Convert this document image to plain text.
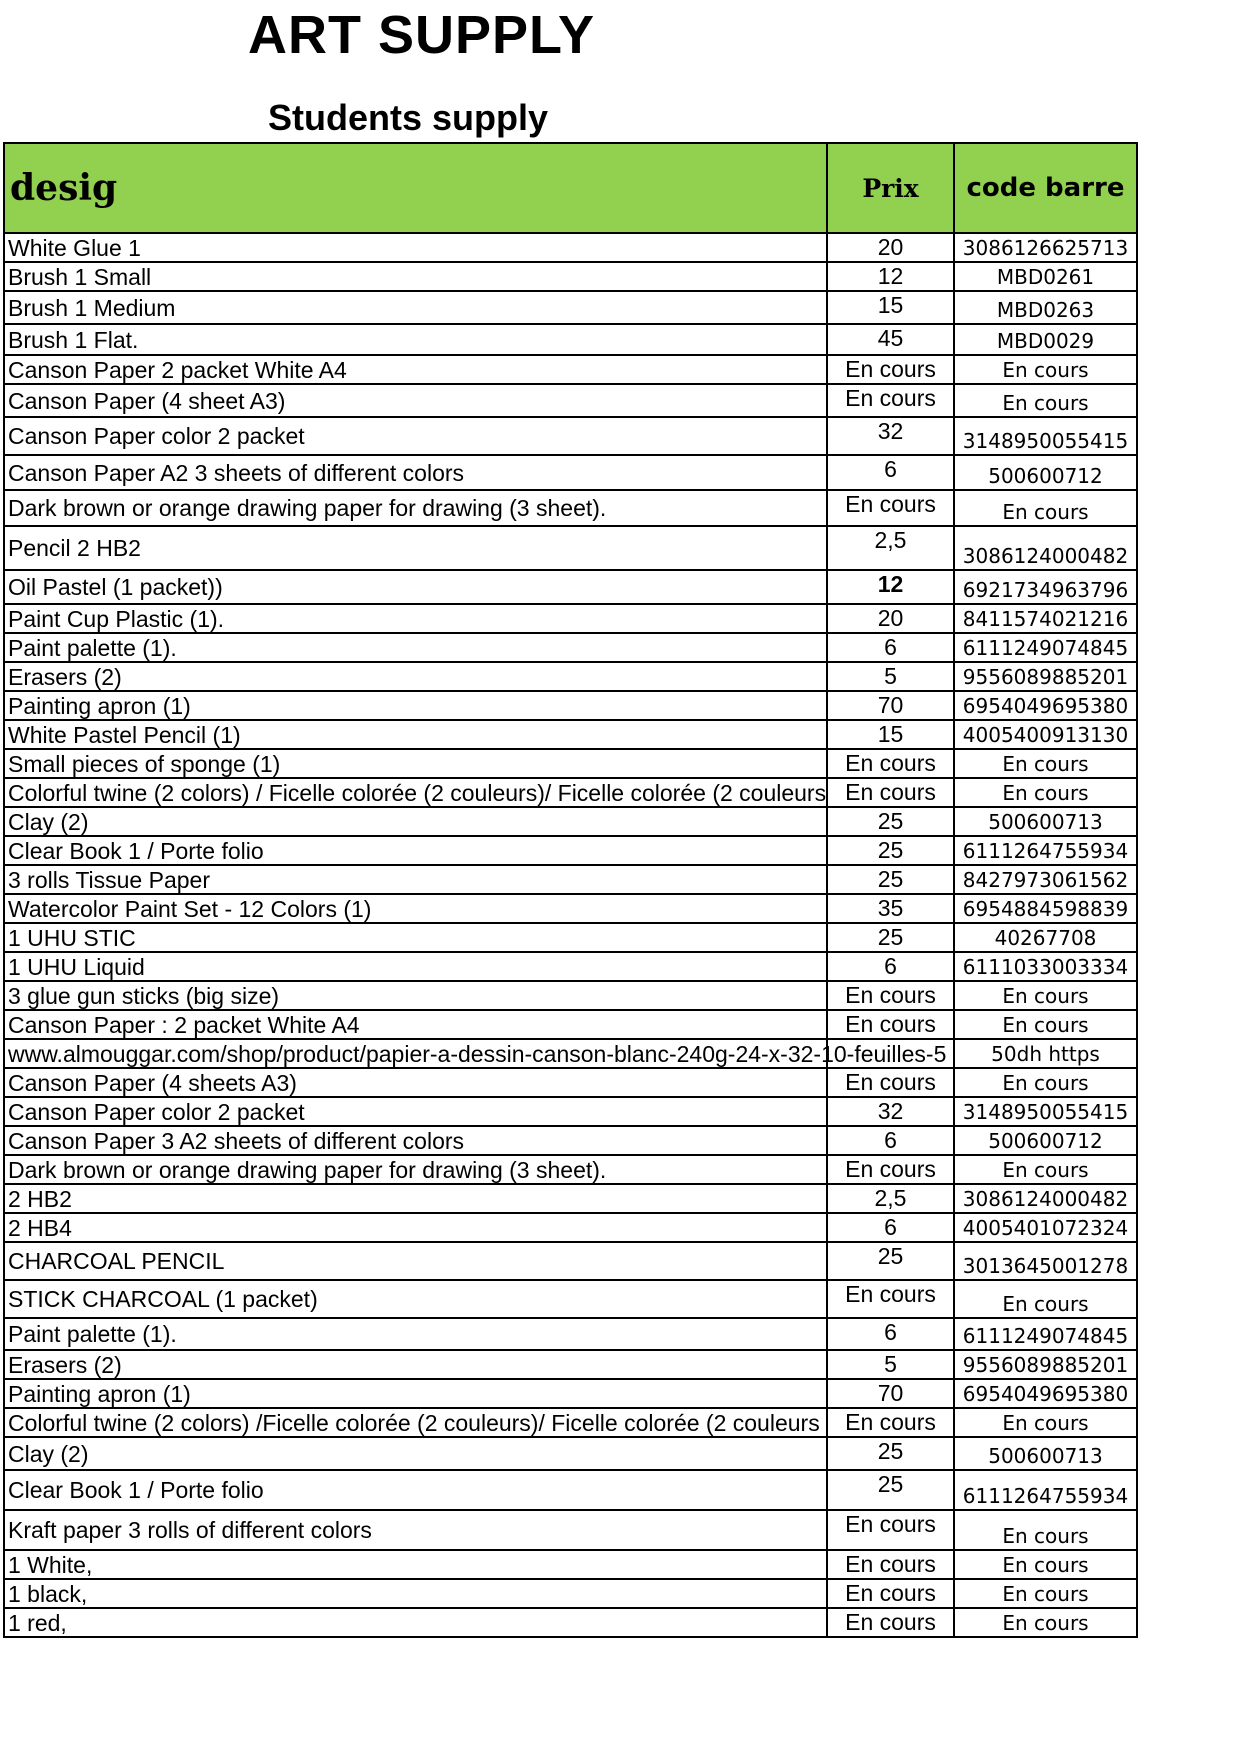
ART SUPPLY
Students supply
desig	Prix	code barre
White Glue 1	20	3086126625713
Brush 1 Small	12	MBD0261
Brush 1 Medium	15	MBD0263
Brush 1 Flat.	45	MBD0029
Canson Paper 2 packet White A4	En cours	En cours
Canson Paper (4 sheet A3)	En cours	En cours
Canson Paper color 2 packet	32	3148950055415
Canson Paper A2 3 sheets of different colors	6	500600712
Dark brown or orange drawing paper for drawing (3 sheet).	En cours	En cours
Pencil 2 HB2	2,5	3086124000482
Oil Pastel (1 packet))	12	6921734963796
Paint Cup Plastic (1).	20	8411574021216
Paint palette (1).	6	6111249074845
Erasers (2)	5	9556089885201
Painting apron (1)	70	6954049695380
White Pastel Pencil (1)	15	4005400913130
Small pieces of sponge (1)	En cours	En cours
Colorful twine (2 colors) / Ficelle colorée (2 couleurs)/ Ficelle colorée (2 couleurs	En cours	En cours
Clay (2)	25	500600713
Clear Book 1 / Porte folio	25	6111264755934
3 rolls Tissue Paper	25	8427973061562
Watercolor Paint Set - 12 Colors (1)	35	6954884598839
1 UHU STIC	25	40267708
1 UHU Liquid	6	6111033003334
3 glue gun sticks (big size)	En cours	En cours
Canson Paper : 2 packet White A4	En cours	En cours
www.almouggar.com/shop/product/papier-a-dessin-canson-blanc-240g-24-x-32-10-feuilles-5		50dh https
Canson Paper (4 sheets A3)	En cours	En cours
Canson Paper color 2 packet	32	3148950055415
Canson Paper 3 A2 sheets of different colors	6	500600712
Dark brown or orange drawing paper for drawing (3 sheet).	En cours	En cours
2 HB2	2,5	3086124000482
2 HB4	6	4005401072324
CHARCOAL PENCIL	25	3013645001278
STICK CHARCOAL (1 packet)	En cours	En cours
Paint palette (1).	6	6111249074845
Erasers (2)	5	9556089885201
Painting apron (1)	70	6954049695380
Colorful twine (2 colors) /Ficelle colorée (2 couleurs)/ Ficelle colorée (2 couleurs	En cours	En cours
Clay (2)	25	500600713
Clear Book 1 / Porte folio	25	6111264755934
Kraft paper 3 rolls of different colors	En cours	En cours
1 White,	En cours	En cours
1 black,	En cours	En cours
1 red,	En cours	En cours
